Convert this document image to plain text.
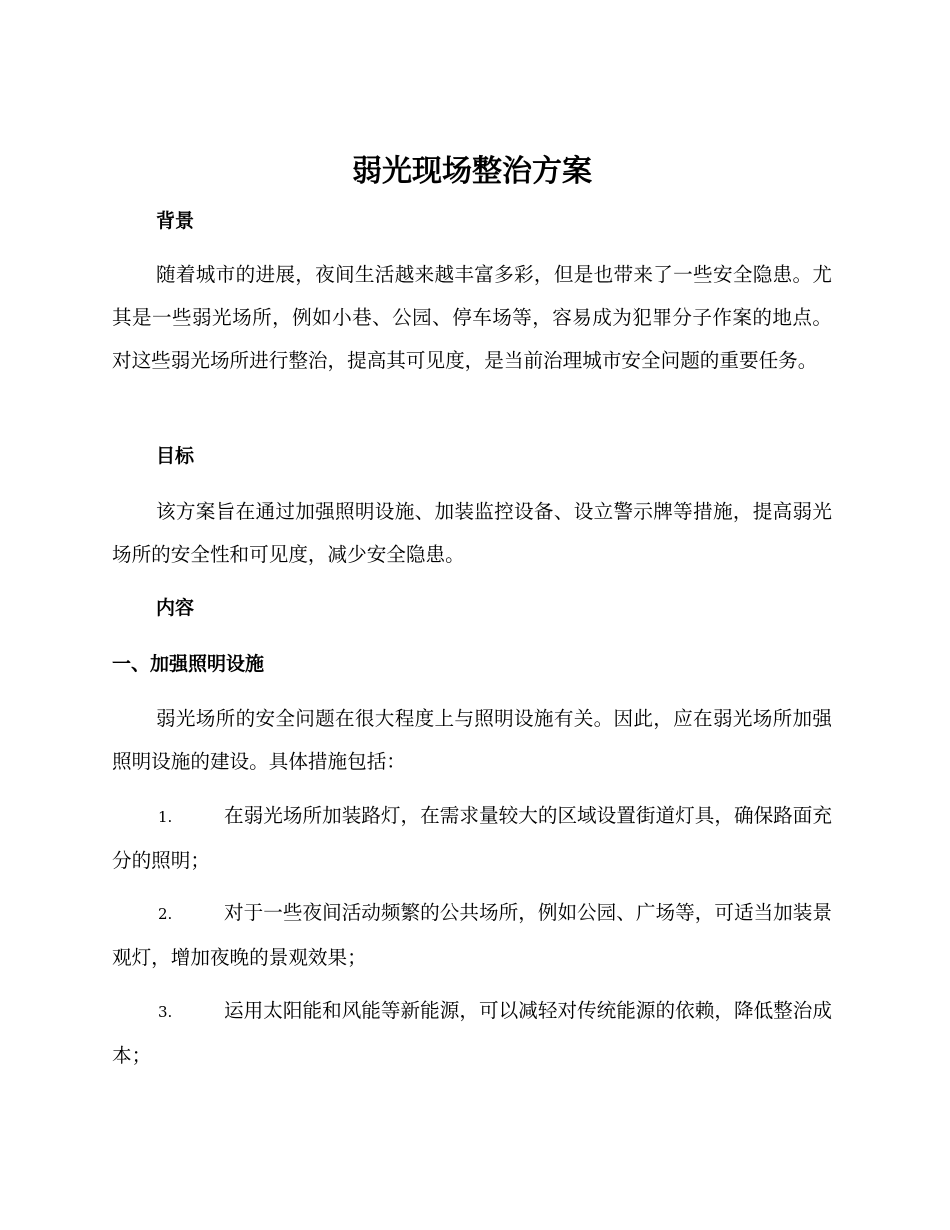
弱光现场整治方案
背景

随着城市的进展，夜间生活越来越丰富多彩，但是也带来了一些安全隐患。尤其是一些弱光场所，例如小巷、公园、停车场等，容易成为犯罪分子作案的地点。对这些弱光场所进行整治，提高其可见度，是当前治理城市安全问题的重要任务。

目标

该方案旨在通过加强照明设施、加装监控设备、设立警示牌等措施，提高弱光场所的安全性和可见度，减少安全隐患。

内容
一、加强照明设施

弱光场所的安全问题在很大程度上与照明设施有关。因此，应在弱光场所加强照明设施的建设。具体措施包括：

1.	在弱光场所加装路灯，在需求量较大的区域设置街道灯具，确保路面充分的照明；

2.	对于一些夜间活动频繁的公共场所，例如公园、广场等，可适当加装景观灯，增加夜晚的景观效果；

3.	运用太阳能和风能等新能源，可以减轻对传统能源的依赖，降低整治成本；
